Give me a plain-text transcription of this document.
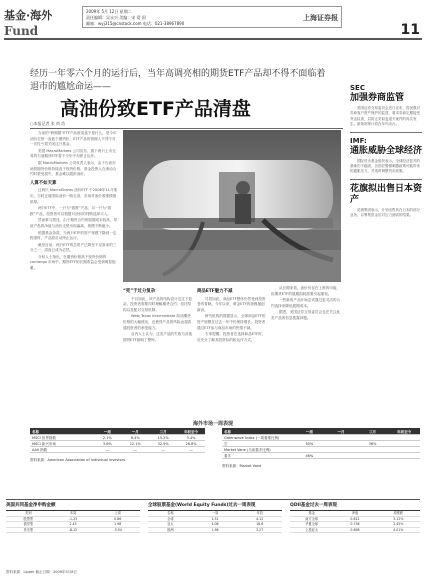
基金·海外
Fund
2009年 5月 12日 星期二
责任编辑：吴永兴 美编：宋 爱 国
邮箱：wyj315@cnstock.com 电话：021-38967890
上海证券报
11
经历一年零六个月的运行后，当年高调亮相的期货ETF产品却不得不面临着退市的尴尬命运——
高油份致ETF产品清盘
○本报记者 张 尚 浩

当前的“跨期限”ETF产品被清盘不是什么，是今年油价走势一直低于期货价，ETF产品的管理人不得不对一次性亏损关闭这只基金。

美国 MacroMarkets 公司宣布，旗下两只上市交易的石油期货ETF将于今年中旬停止运作。

据 MacroMarkets 公司负责人表示，由于石油市场的期货价格持续高于现货价格，基金投资人在滚动合约时蒙受损失，基金难以跟踪油价。

人算不如天算

这两只 MacroShares 油价ETF 于2006年11月推出，当时正值国际油价一路走高，市场对油价看涨情绪浓厚。

两只ETF中，一只为“看涨”产品，另一只为“看跌”产品，投资者可以根据对油价的判断选择买入。

然而事与愿违，由于期货合约的展期成本较高，导致产品的净值与油价走势出现偏离，规模不断缩小。

根据基金条款，当两只ETF的资产规模下降到一定程度时，产品将自动终止运行。

截至目前，两只ETF的总资产已降至不足原来的三分之一，清盘已成为必然。

分析人士指出，在期货价格高于现货价格的 contango 市场中，期货ETF的长期收益会受到明显拖累。

“死”于过分复杂

不仅如此，该产品的结构设计也过于复杂。投资者需要同时理解期货合约、信托结构以及配对交易机制。

West Texas Intermediate 原油期货价格的大幅波动，也使得产品的风险远超普通投资者的承受能力。

业内人士认为，这类产品的失败为其他期货ETF敲响了警钟。

商品ETF魅力不减

尽管如此，商品ETF整体仍然受到投资者的青睐。今年以来，黄金ETF的规模屡创新高。

研究机构的数据显示，全球商品ETF的资产规模在过去一年中仍保持增长，投资者通过ETF参与商品市场的热情不减。

专家提醒，投资者在选择商品ETF时，应充分了解其投资标的和运作方式。

从长期来看，油价仍存在上涨的可能，但期货ETF的展期损耗需要引起重视。

一些新的产品开始尝试通过更灵活的合约选择来降低展期成本。

据悉，美国证券交易委员会也在关注此类产品的信息披露问题。

SEC
加强券商监管
美国证券交易委员会近日宣布，将加强对券商客户资产保护的监管，要求券商定期接受突击检查，以防止类似麦道夫案件的再次发生。新规则预计将在年内出台。
IMF:
通胀威胁全球经济
国际货币基金组织表示，全球经济复苏的基础仍不稳固，各国应警惕刺激政策可能带来的通胀压力，并适时调整货币政策。
花旗拟出售日本资产
花旗集团表示，计划出售其在日本的部分业务，以筹集资金应对压力测试的结果。
海外市场一周表现
名称	一周	一月	三月	年初至今
MSCI 世界指数	2.1%	8.4%	15.2%	3.4%
MSCI 新兴市场	3.6%	12.1%	32.5%	26.8%
AAII 指数	—	—	—	—
资料来源：American Association of Individual Investors
名称	一周	一月	三月	年初至今
Greenwave Index (一周看涨比例)
空	50%	36%
Market Vane (当前看多比例)
看多	46%
资料来源：Market Vane
美国共同基金净申购金额	全球股票基金(World Equity Funds)过去一周表现	QDII基金过去一周表现
类别	本周	上周
股票型	-1.23	0.86
债券型	2.45	1.98
货币型	-8.12	-5.04
名称	一周	年初
全球	2.31	4.12
亚太	4.08	18.6
欧洲	1.96	3.27
基金	净值	周涨跌
南方全球	0.812	3.12%
华夏全球	0.736	2.45%
上投亚太	0.698	4.01%
资料来源：Lipper 截止日期：2009年5月8日
